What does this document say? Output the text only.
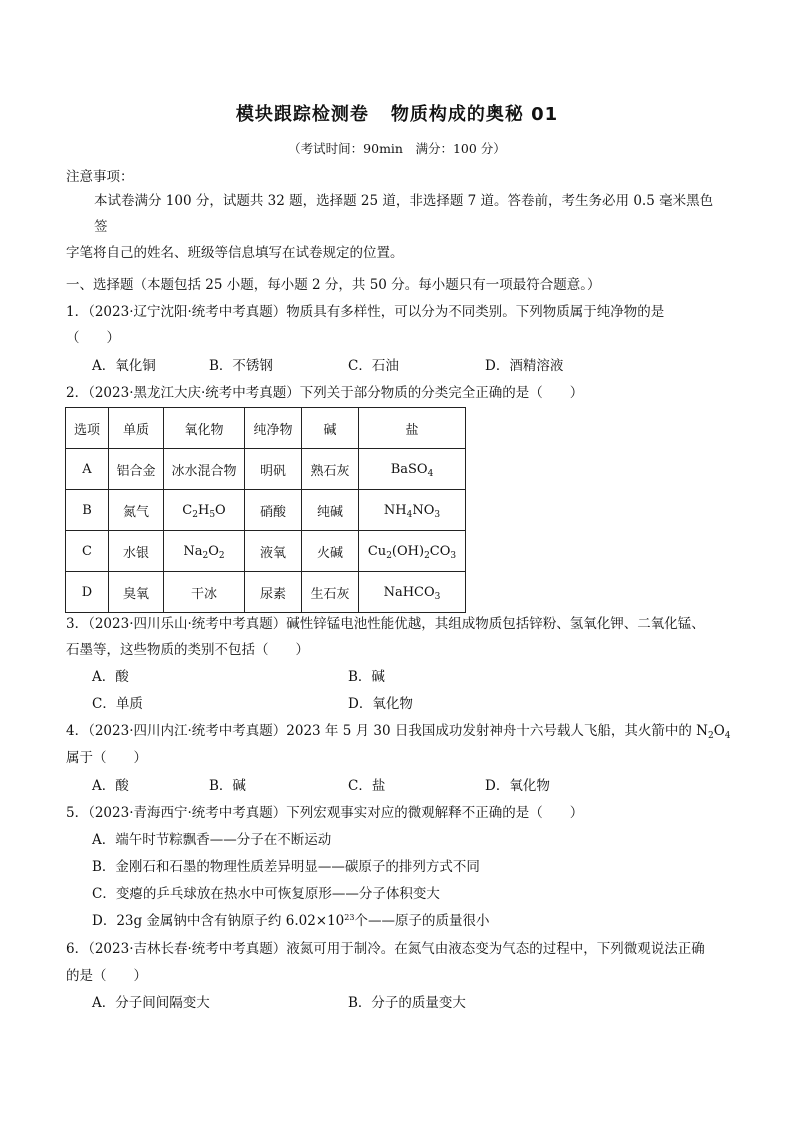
模块跟踪检测卷 物质构成的奥秘 01
（考试时间：90min　满分：100 分）
注意事项：
本试卷满分 100 分，试题共 32 题，选择题 25 道，非选择题 7 道。答卷前，考生务必用 0.5 毫米黑色签
字笔将自己的姓名、班级等信息填写在试卷规定的位置。
一、选择题（本题包括 25 小题，每小题 2 分，共 50 分。每小题只有一项最符合题意。）
1．（2023·辽宁沈阳·统考中考真题）物质具有多样性，可以分为不同类别。下列物质属于纯净物的是
（　　）
A．氧化铜	B．不锈钢	C．石油	D．酒精溶液
2．（2023·黑龙江大庆·统考中考真题）下列关于部分物质的分类完全正确的是（　　）
选项	单质	氧化物	纯净物	碱	盐
A	铝合金	冰水混合物	明矾	熟石灰	BaSO$_4$
B	氮气	$C_2H_5O$	硝酸	纯碱	$NH_4NO_3$
C	水银	$Na_2O_2$	液氧	火碱	$Cu_2(OH)_2CO_3$
D	臭氧	干冰	尿素	生石灰	NaHCO$_3$
3．（2023·四川乐山·统考中考真题）碱性锌锰电池性能优越，其组成物质包括锌粉、氢氧化钾、二氧化锰、
石墨等，这些物质的类别不包括（　　）
A．酸	B．碱
C．单质	D．氧化物
4．（2023·四川内江·统考中考真题）2023 年 5 月 30 日我国成功发射神舟十六号载人飞船，其火箭中的 $N_2O_4$
属于（　　）
A．酸	B．碱	C．盐	D．氧化物
5．（2023·青海西宁·统考中考真题）下列宏观事实对应的微观解释不正确的是（　　）
A．端午时节粽飘香——分子在不断运动
B．金刚石和石墨的物理性质差异明显——碳原子的排列方式不同
C．变瘪的乒乓球放在热水中可恢复原形——分子体积变大
D．23g 金属钠中含有钠原子约 $6.02\times 10^{23}$个——原子的质量很小
6．（2023·吉林长春·统考中考真题）液氮可用于制冷。在氮气由液态变为气态的过程中，下列微观说法正确
的是（　　）
A．分子间间隔变大	B．分子的质量变大
